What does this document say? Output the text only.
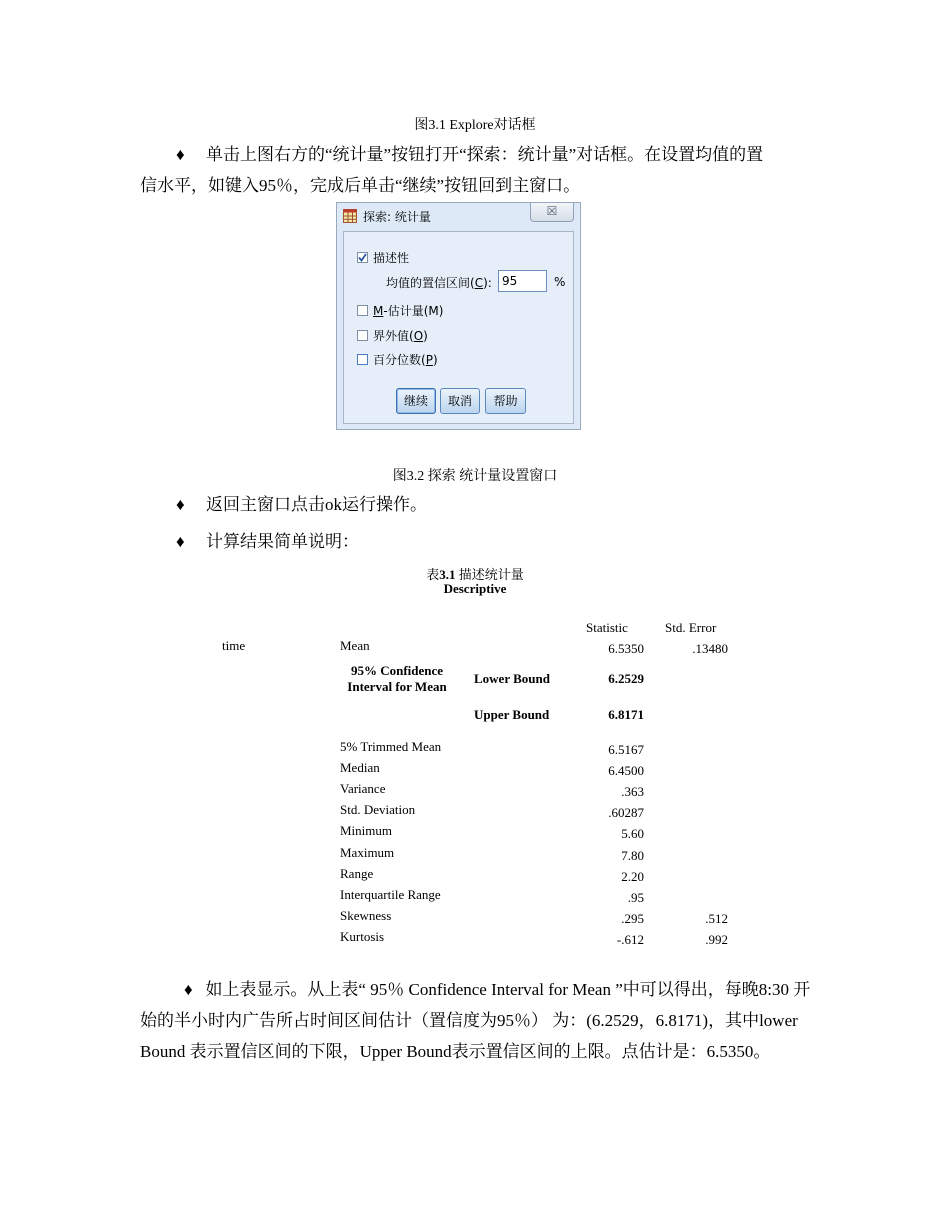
图3.1 Explore对话框
♦ 单击上图右方的“统计量”按钮打开“探索：统计量”对话框。在设置均值的置
信水平，如键入95％，完成后单击“继续”按钮回到主窗口。
探索: 统计量	☒
描述性
均值的置信区间(C): 95	%
M-估计量(M)
界外值(O)
百分位数(P)
继续	取消	帮助
图3.2 探索 统计量设置窗口
♦ 返回主窗口点击ok运行操作。
♦ 计算结果简单说明：
表3.1 描述统计量
Descriptive
Statistic	Std. Error
time	Mean	6.5350	.13480
95% Confidence
Interval for Mean
Lower Bound	6.2529
Upper Bound	6.8171
5% Trimmed Mean	6.5167
Median	6.4500
Variance	.363
Std. Deviation	.60287
Minimum	5.60
Maximum	7.80
Range	2.20
Interquartile Range	.95
Skewness	.295	.512
Kurtosis	-.612	.992
♦ 如上表显示。从上表“ 95％ Confidence Interval for Mean ”中可以得出，每晚8:30 开始的半小时内广告所占时间区间估计（置信度为95％） 为：(6.2529，6.8171)，其中lower Bound 表示置信区间的下限，Upper Bound表示置信区间的上限。点估计是：6.5350。
